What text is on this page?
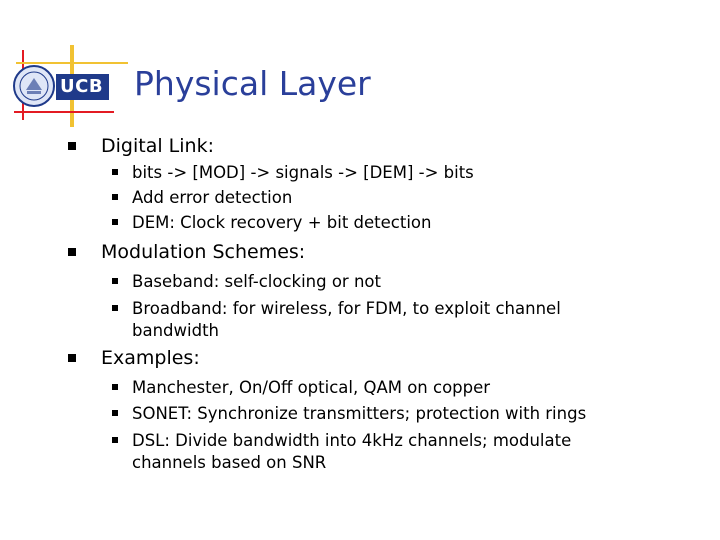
UCB Physical Layer
Digital Link:
bits -> [MOD] -> signals -> [DEM] -> bits
Add error detection
DEM: Clock recovery + bit detection
Modulation Schemes:
Baseband: self-clocking or not
Broadband: for wireless, for FDM, to exploit channel
bandwidth
Examples:
Manchester, On/Off optical, QAM on copper
SONET: Synchronize transmitters; protection with rings
DSL: Divide bandwidth into 4kHz channels; modulate
channels based on SNR
